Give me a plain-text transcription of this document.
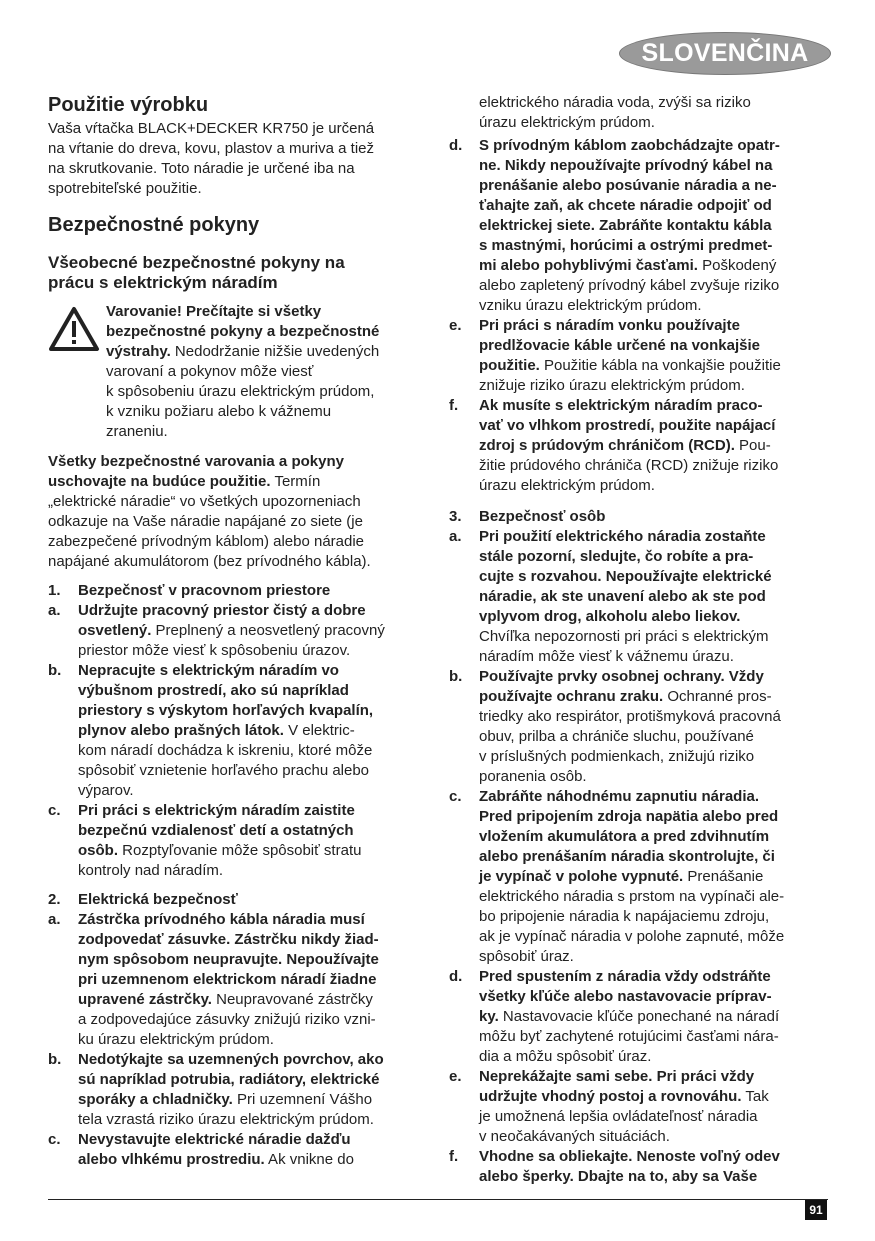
SLOVENČINA
Použitie výrobku
Vaša vŕtačka BLACK+DECKER KR750 je určená
na vŕtanie do dreva, kovu, plastov a muriva a tiež
na skrutkovanie. Toto náradie je určené iba na
spotrebiteľské použitie.
Bezpečnostné pokyny
Všeobecné bezpečnostné pokyny na
prácu s elektrickým náradím
Varovanie! Prečítajte si všetky
bezpečnostné pokyny a bezpečnostné
výstrahy. Nedodržanie nižšie uvedených
varovaní a pokynov môže viesť
k spôsobeniu úrazu elektrickým prúdom,
k vzniku požiaru alebo k vážnemu
zraneniu.
Všetky bezpečnostné varovania a pokyny
uschovajte na budúce použitie. Termín
„elektrické náradie“ vo všetkých upozorneniach
odkazuje na Vaše náradie napájané zo siete (je
zabezpečené prívodným káblom) alebo náradie
napájané akumulátorom (bez prívodného kábla).
1.	Bezpečnosť v pracovnom priestore
a.	Udržujte pracovný priestor čistý a dobre
osvetlený. Preplnený a neosvetlený pracovný
priestor môže viesť k spôsobeniu úrazov.
b.	Nepracujte s elektrickým náradím vo
výbušnom prostredí, ako sú napríklad
priestory s výskytom horľavých kvapalín,
plynov alebo prašných látok. V elektric-
kom náradí dochádza k iskreniu, ktoré môže
spôsobiť vznietenie horľavého prachu alebo
výparov.
c.	Pri práci s elektrickým náradím zaistite
bezpečnú vzdialenosť detí a ostatných
osôb. Rozptyľovanie môže spôsobiť stratu
kontroly nad náradím.
2.	Elektrická bezpečnosť
a.	Zástrčka prívodného kábla náradia musí
zodpovedať zásuvke. Zástrčku nikdy žiad-
nym spôsobom neupravujte. Nepoužívajte
pri uzemnenom elektrickom náradí žiadne
upravené zástrčky. Neupravované zástrčky
a zodpovedajúce zásuvky znižujú riziko vzni-
ku úrazu elektrickým prúdom.
b.	Nedotýkajte sa uzemnených povrchov, ako
sú napríklad potrubia, radiátory, elektrické
sporáky a chladničky. Pri uzemnení Vášho
tela vzrastá riziko úrazu elektrickým prúdom.
c.	Nevystavujte elektrické náradie dažďu
alebo vlhkému prostrediu. Ak vnikne do
elektrického náradia voda, zvýši sa riziko
úrazu elektrickým prúdom.
d.	S prívodným káblom zaobchádzajte opatr-
ne. Nikdy nepoužívajte prívodný kábel na
prenášanie alebo posúvanie náradia a ne-
ťahajte zaň, ak chcete náradie odpojiť od
elektrickej siete. Zabráňte kontaktu kábla
s mastnými, horúcimi a ostrými predmet-
mi alebo pohyblivými časťami. Poškodený
alebo zapletený prívodný kábel zvyšuje riziko
vzniku úrazu elektrickým prúdom.
e.	Pri práci s náradím vonku používajte
predlžovacie káble určené na vonkajšie
použitie. Použitie kábla na vonkajšie použitie
znižuje riziko úrazu elektrickým prúdom.
f.	Ak musíte s elektrickým náradím praco-
vať vo vlhkom prostredí, použite napájací
zdroj s prúdovým chráničom (RCD). Pou-
žitie prúdového chrániča (RCD) znižuje riziko
úrazu elektrickým prúdom.
3.	Bezpečnosť osôb
a.	Pri použití elektrického náradia zostaňte
stále pozorní, sledujte, čo robíte a pra-
cujte s rozvahou. Nepoužívajte elektrické
náradie, ak ste unavení alebo ak ste pod
vplyvom drog, alkoholu alebo liekov.
Chvíľka nepozornosti pri práci s elektrickým
náradím môže viesť k vážnemu úrazu.
b.	Používajte prvky osobnej ochrany. Vždy
používajte ochranu zraku. Ochranné pros-
triedky ako respirátor, protišmyková pracovná
obuv, prilba a chrániče sluchu, používané
v príslušných podmienkach, znižujú riziko
poranenia osôb.
c.	Zabráňte náhodnému zapnutiu náradia.
Pred pripojením zdroja napätia alebo pred
vložením akumulátora a pred zdvihnutím
alebo prenášaním náradia skontrolujte, či
je vypínač v polohe vypnuté. Prenášanie
elektrického náradia s prstom na vypínači ale-
bo pripojenie náradia k napájaciemu zdroju,
ak je vypínač náradia v polohe zapnuté, môže
spôsobiť úraz.
d.	Pred spustením z náradia vždy odstráňte
všetky kľúče alebo nastavovacie príprav-
ky. Nastavovacie kľúče ponechané na náradí
môžu byť zachytené rotujúcimi časťami nára-
dia a môžu spôsobiť úraz.
e.	Neprekážajte sami sebe. Pri práci vždy
udržujte vhodný postoj a rovnováhu. Tak
je umožnená lepšia ovládateľnosť náradia
v neočakávaných situáciách.
f.	Vhodne sa obliekajte. Nenoste voľný odev
alebo šperky. Dbajte na to, aby sa Vaše
91
